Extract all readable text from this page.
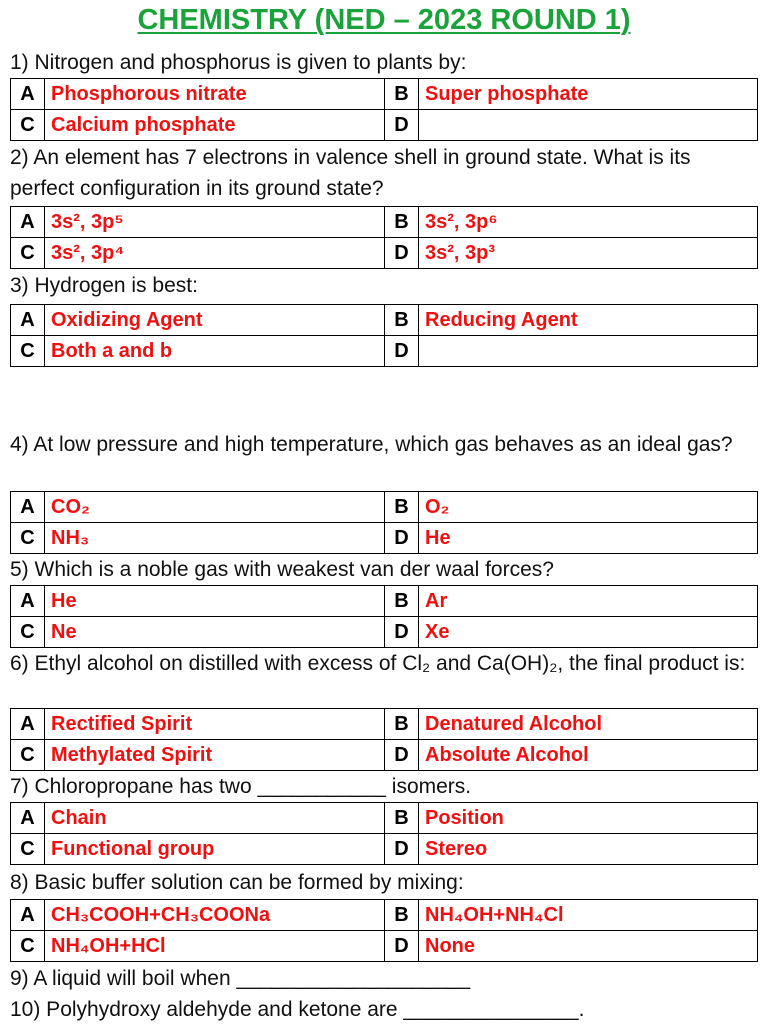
CHEMISTRY (NED – 2023 ROUND 1)
1) Nitrogen and phosphorus is given to plants by:
A	Phosphorous nitrate	B	Super phosphate
C	Calcium phosphate	D	
2) An element has 7 electrons in valence shell in ground state. What is its perfect configuration in its ground state?
A	3s², 3p⁵	B	3s², 3p⁶
C	3s², 3p⁴	D	3s², 3p³
3) Hydrogen is best:
A	Oxidizing Agent	B	Reducing Agent
C	Both a and b	D	
4) At low pressure and high temperature, which gas behaves as an ideal gas?
A	CO₂	B	O₂
C	NH₃	D	He
5) Which is a noble gas with weakest van der waal forces?
A	He	B	Ar
C	Ne	D	Xe
6) Ethyl alcohol on distilled with excess of Cl₂ and Ca(OH)₂, the final product is:
A	Rectified Spirit	B	Denatured Alcohol
C	Methylated Spirit	D	Absolute Alcohol
7) Chloropropane has two ___________ isomers.
A	Chain	B	Position
C	Functional group	D	Stereo
8) Basic buffer solution can be formed by mixing:
A	CH₃COOH+CH₃COONa	B	NH₄OH+NH₄Cl
C	NH₄OH+HCl	D	None
9) A liquid will boil when ____________________
10) Polyhydroxy aldehyde and ketone are _______________.
